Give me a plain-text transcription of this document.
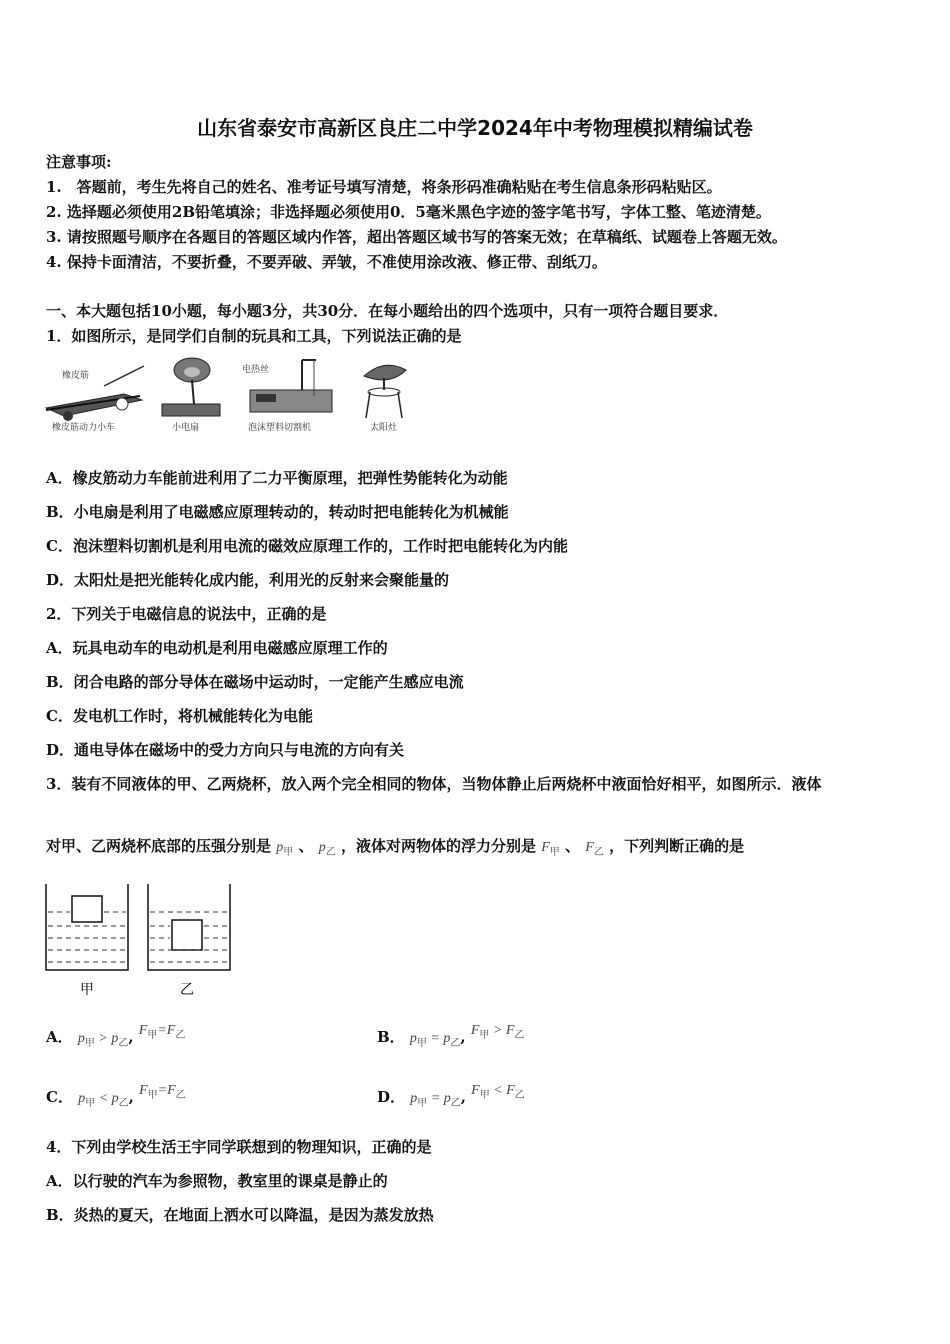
山东省泰安市高新区良庄二中学2024年中考物理模拟精编试卷
注意事项:
1.　答题前，考生先将自己的姓名、准考证号填写清楚，将条形码准确粘贴在考生信息条形码粘贴区。
2. 选择题必须使用2B铅笔填涂；非选择题必须使用0．5毫米黑色字迹的签字笔书写，字体工整、笔迹清楚。
3. 请按照题号顺序在各题目的答题区域内作答，超出答题区域书写的答案无效；在草稿纸、试题卷上答题无效。
4. 保持卡面清洁，不要折叠，不要弄破、弄皱，不准使用涂改液、修正带、刮纸刀。
一、本大题包括10小题，每小题3分，共30分．在每小题给出的四个选项中，只有一项符合题目要求．
1．如图所示，是同学们自制的玩具和工具，下列说法正确的是
橡皮筋
橡皮筋动力小车	小电扇
电热丝
泡沫塑料切割机	太阳灶
A．橡皮筋动力车能前进利用了二力平衡原理，把弹性势能转化为动能
B．小电扇是利用了电磁感应原理转动的，转动时把电能转化为机械能
C．泡沫塑料切割机是利用电流的磁效应原理工作的，工作时把电能转化为内能
D．太阳灶是把光能转化成内能，利用光的反射来会聚能量的
2．下列关于电磁信息的说法中，正确的是
A．玩具电动车的电动机是利用电磁感应原理工作的
B．闭合电路的部分导体在磁场中运动时，一定能产生感应电流
C．发电机工作时，将机械能转化为电能
D．通电导体在磁场中的受力方向只与电流的方向有关
3．装有不同液体的甲、乙两烧杯，放入两个完全相同的物体，当物体静止后两烧杯中液面恰好相平，如图所示．液体
对甲、乙两烧杯底部的压强分别是 $p_甲$ 、 $p_乙$ ，液体对两物体的浮力分别是 $F_甲$ 、 $F_乙$ ，下列判断正确的是
甲	乙
A． $p_甲 > p_乙$, $F_甲=F_乙$	B． $p_甲 = p_乙$, $F_甲 > F_乙$
C． $p_甲 < p_乙$, $F_甲=F_乙$	D． $p_甲 = p_乙$, $F_甲 < F_乙$
4．下列由学校生活王宇同学联想到的物理知识，正确的是
A．以行驶的汽车为参照物，教室里的课桌是静止的
B．炎热的夏天，在地面上洒水可以降温，是因为蒸发放热
